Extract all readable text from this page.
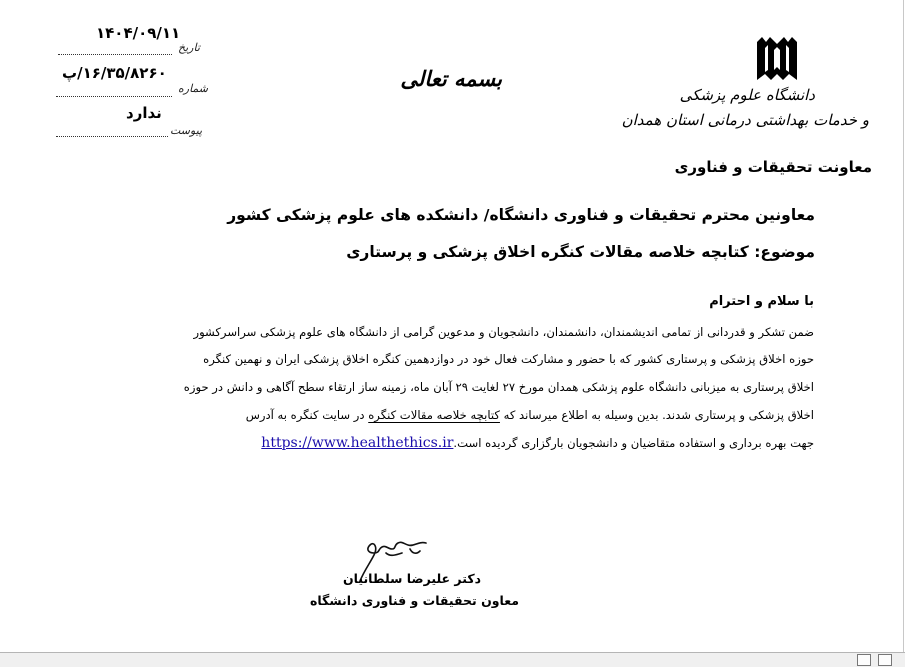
۱۴۰۴/۰۹/۱۱
تاریخ
۱۶/۳۵/۸۲۶۰/پ
شماره
ندارد
پیوست
بسمه تعالی
دانشگاه علوم پزشکی
و خدمات بهداشتی درمانی استان همدان
معاونت تحقیقات و فناوری
معاونین محترم تحقیقات و فناوری دانشگاه/ دانشکده های علوم پزشکی کشور
موضوع: کتابچه خلاصه مقالات کنگره اخلاق پزشکی و پرستاری
با سلام و احترام
ضمن تشکر و قدردانی از تمامی اندیشمندان، دانشمندان، دانشجویان و مدعوین گرامی از دانشگاه های علوم پزشکی سراسرکشور
حوزه اخلاق پزشکی و پرستاری کشور که با حضور و مشارکت فعال خود در دوازدهمین کنگره اخلاق پزشکی ایران و نهمین کنگره
اخلاق پرستاری به میزبانی دانشگاه علوم پزشکی همدان مورخ ۲۷ لغایت ۲۹ آبان ماه، زمینه ساز ارتقاء سطح آگاهی و دانش در حوزه
اخلاق پزشکی و پرستاری شدند. بدین وسیله به اطلاع میرساند که کتابچه خلاصه مقالات کنگره در سایت کنگره به آدرس
جهت بهره برداری و استفاده متقاضیان و دانشجویان بارگزاری گردیده است.https://www.healthethics.ir
دکتر علیرضا سلطانیان
معاون تحقیقات و فناوری دانشگاه
